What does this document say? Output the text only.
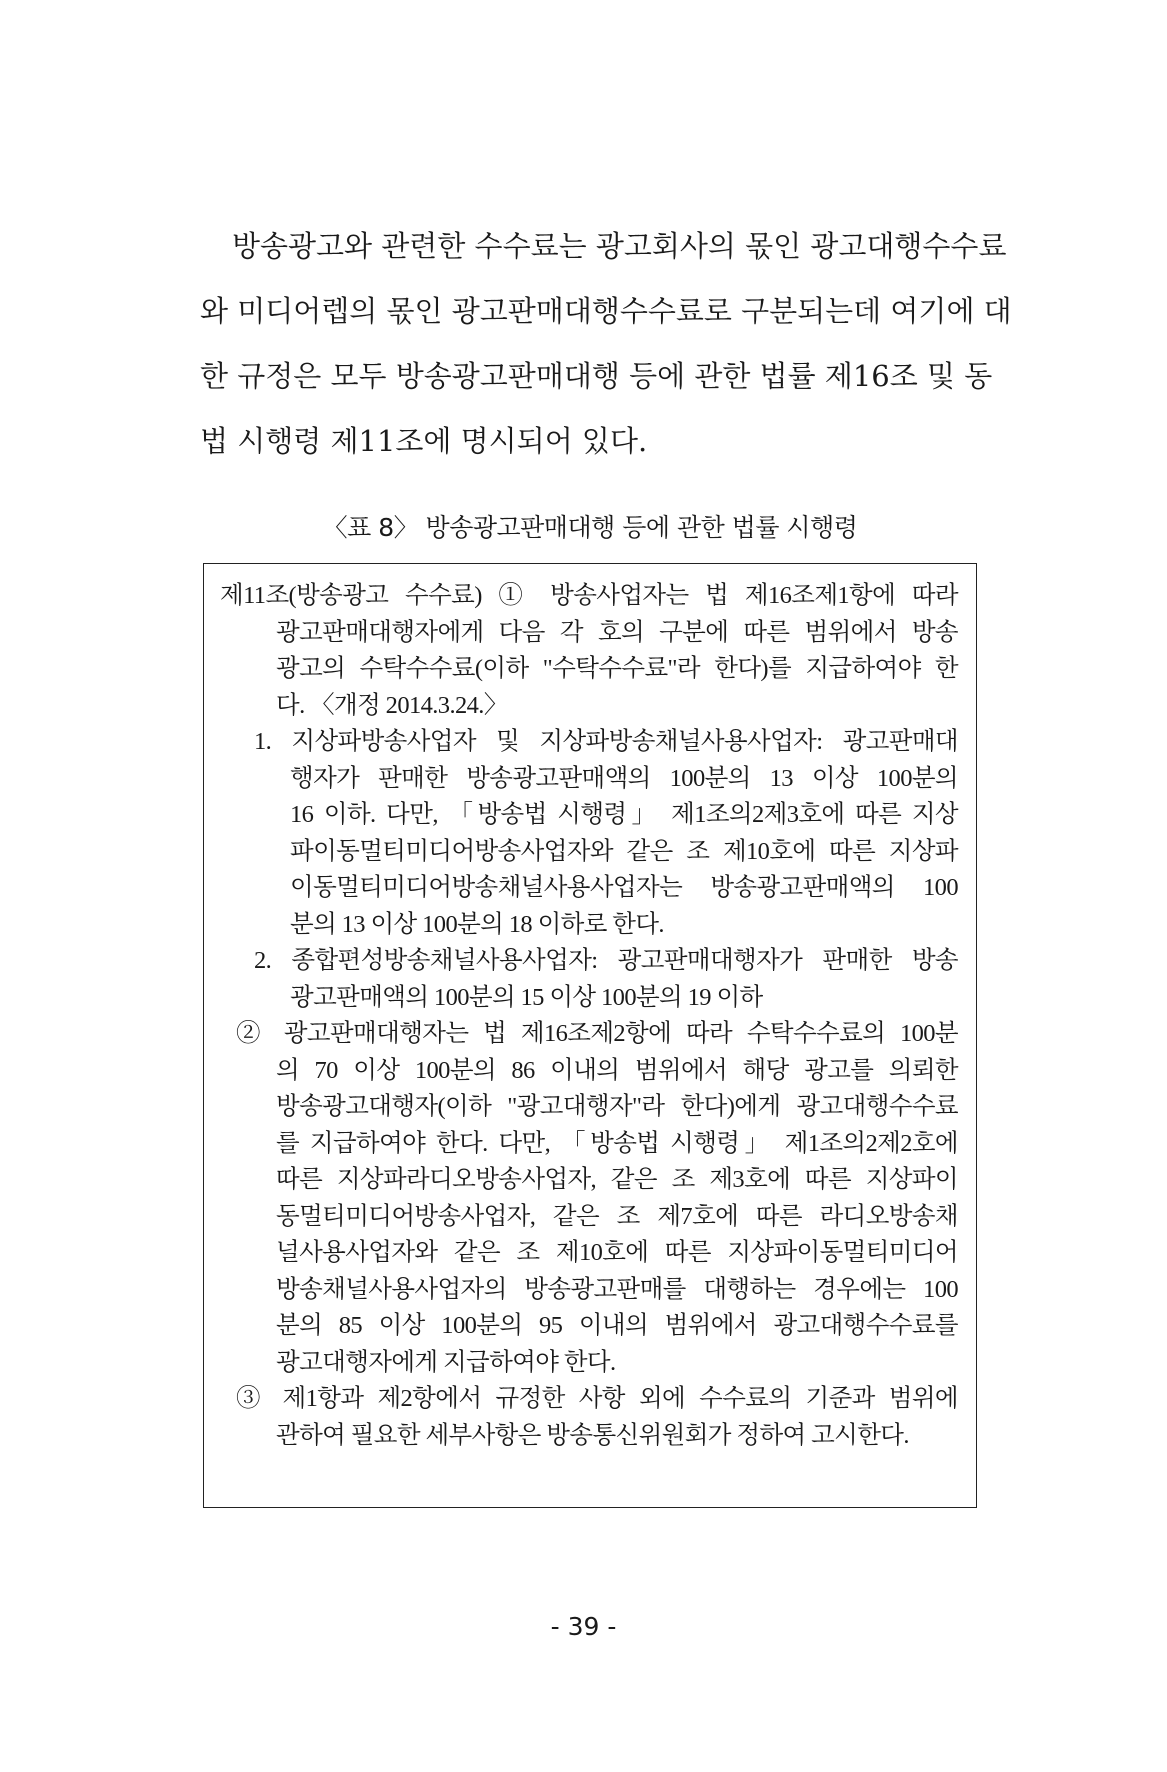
방송광고와 관련한 수수료는 광고회사의 몫인 광고대행수수료
와 미디어렙의 몫인 광고판매대행수수료로 구분되는데 여기에 대
한 규정은 모두 방송광고판매대행 등에 관한 법률 제16조 및 동
법 시행령 제11조에 명시되어 있다.
〈표 8〉 방송광고판매대행 등에 관한 법률 시행령
제11조(방송광고 수수료) ① 방송사업자는 법 제16조제1항에 따라
광고판매대행자에게 다음 각 호의 구분에 따른 범위에서 방송
광고의 수탁수수료(이하 "수탁수수료"라 한다)를 지급하여야 한
다. 〈개정 2014.3.24.〉
1. 지상파방송사업자 및 지상파방송채널사용사업자: 광고판매대
행자가 판매한 방송광고판매액의 100분의 13 이상 100분의
16 이하. 다만, 「방송법 시행령」 제1조의2제3호에 따른 지상
파이동멀티미디어방송사업자와 같은 조 제10호에 따른 지상파
이동멀티미디어방송채널사용사업자는 방송광고판매액의 100
분의 13 이상 100분의 18 이하로 한다.
2. 종합편성방송채널사용사업자: 광고판매대행자가 판매한 방송
광고판매액의 100분의 15 이상 100분의 19 이하
② 광고판매대행자는 법 제16조제2항에 따라 수탁수수료의 100분
의 70 이상 100분의 86 이내의 범위에서 해당 광고를 의뢰한
방송광고대행자(이하 "광고대행자"라 한다)에게 광고대행수수료
를 지급하여야 한다. 다만, 「방송법 시행령」 제1조의2제2호에
따른 지상파라디오방송사업자, 같은 조 제3호에 따른 지상파이
동멀티미디어방송사업자, 같은 조 제7호에 따른 라디오방송채
널사용사업자와 같은 조 제10호에 따른 지상파이동멀티미디어
방송채널사용사업자의 방송광고판매를 대행하는 경우에는 100
분의 85 이상 100분의 95 이내의 범위에서 광고대행수수료를
광고대행자에게 지급하여야 한다.
③ 제1항과 제2항에서 규정한 사항 외에 수수료의 기준과 범위에
관하여 필요한 세부사항은 방송통신위원회가 정하여 고시한다.
- 39 -
